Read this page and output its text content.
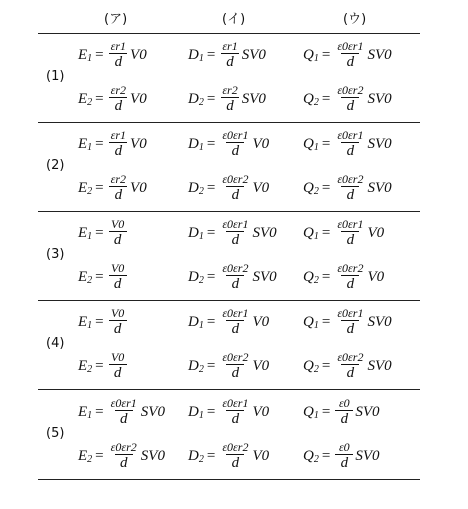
(ア)	(イ)	(ウ)
(1)
$E_1 = \frac{\varepsilon r1}{d} V0$	$D_1 = \frac{\varepsilon r1}{d} SV0$ $Q_1 = \frac{\varepsilon 0\varepsilon r1}{d} SV0$
$E_2 = \frac{\varepsilon r2}{d} V0$	$D_2 = \frac{\varepsilon r2}{d} SV0$ $Q_2 = \frac{\varepsilon 0\varepsilon r2}{d} SV0$
(2)
$E_1 = \frac{\varepsilon r1}{d} V0$	$D_1 = \frac{\varepsilon 0\varepsilon r1}{d} V0$ $Q_1 = \frac{\varepsilon 0\varepsilon r1}{d} SV0$
$E_2 = \frac{\varepsilon r2}{d} V0$	$D_2 = \frac{\varepsilon 0\varepsilon r2}{d} V0$ $Q_2 = \frac{\varepsilon 0\varepsilon r2}{d} SV0$
(3)
$E_1 = \frac{V0}{d}$	$D_1 = \frac{\varepsilon 0\varepsilon r1}{d} SV0$ $Q_1 = \frac{\varepsilon 0\varepsilon r1}{d} V0$
$E_2 = \frac{V0}{d}$	$D_2 = \frac{\varepsilon 0\varepsilon r2}{d} SV0$ $Q_2 = \frac{\varepsilon 0\varepsilon r2}{d} V0$
(4)
$E_1 = \frac{V0}{d}$	$D_1 = \frac{\varepsilon 0\varepsilon r1}{d} V0$ $Q_1 = \frac{\varepsilon 0\varepsilon r1}{d} SV0$
$E_2 = \frac{V0}{d}$	$D_2 = \frac{\varepsilon 0\varepsilon r2}{d} V0$ $Q_2 = \frac{\varepsilon 0\varepsilon r2}{d} SV0$
(5)
$E_1 = \frac{\varepsilon 0\varepsilon r1}{d} SV0$ $D_1 = \frac{\varepsilon 0\varepsilon r1}{d} V0$ $Q_1 = \frac{\varepsilon 0}{d} SV0$
$E_2 = \frac{\varepsilon 0\varepsilon r2}{d} SV0$ $D_2 = \frac{\varepsilon 0\varepsilon r2}{d} V0$ $Q_2 = \frac{\varepsilon 0}{d} SV0$
